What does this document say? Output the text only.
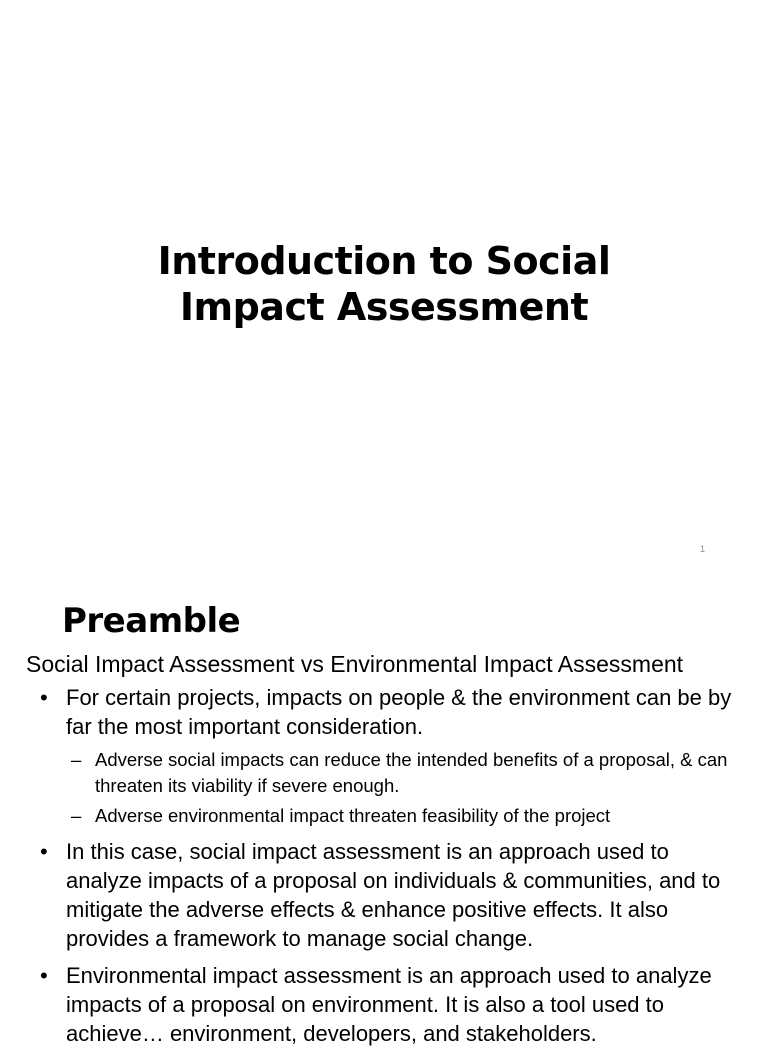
Introduction to Social
Impact Assessment
1
Preamble

Social Impact Assessment vs Environmental Impact Assessment

• For certain projects, impacts on people & the environment can be by far the most important consideration.
– Adverse social impacts can reduce the intended benefits of a proposal, & can threaten its viability if severe enough.
– Adverse environmental impact threaten feasibility of the project
• In this case, social impact assessment is an approach used to analyze impacts of a proposal on individuals & communities, and to mitigate the adverse effects & enhance positive effects. It also provides a framework to manage social change.
• Environmental impact assessment is an approach used to analyze impacts of a proposal on environment. It is also a tool used to achieve… environment, developers, and stakeholders.
